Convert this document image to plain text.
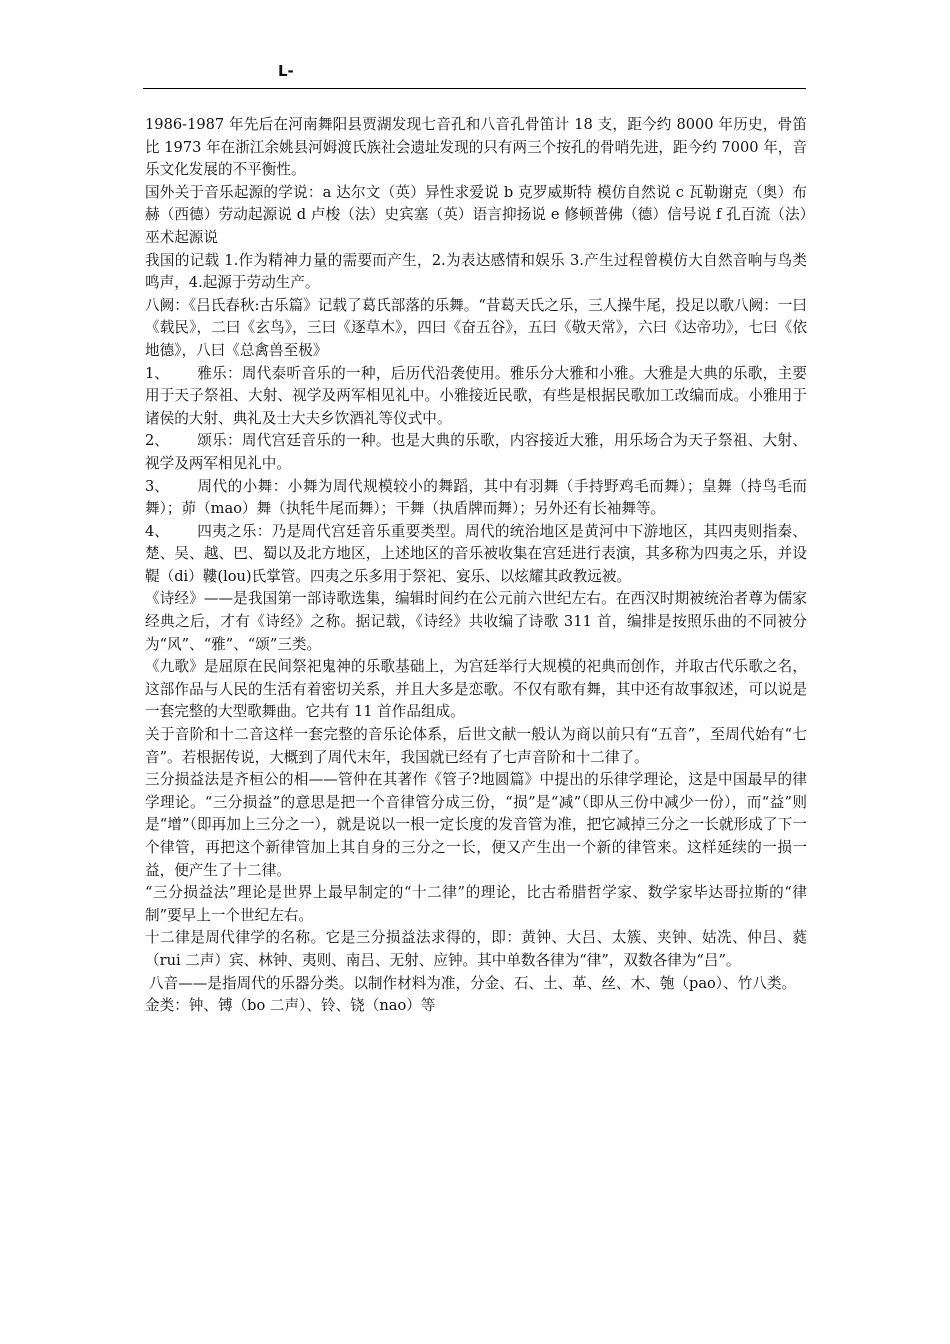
L-

1986-1987 年先后在河南舞阳县贾湖发现七音孔和八音孔骨笛计 18 支，距今约 8000 年历史，骨笛比 1973 年在浙江余姚县河姆渡氏族社会遗址发现的只有两三个按孔的骨哨先进，距今约 7000 年，音乐文化发展的不平衡性。

国外关于音乐起源的学说：a 达尔文（英）异性求爱说 b 克罗威斯特 模仿自然说 c 瓦勒谢克（奥）布赫（西德）劳动起源说 d 卢梭（法）史宾塞（英）语言抑扬说 e 修顿普佛（德）信号说 f 孔百流（法）巫术起源说

我国的记载 1.作为精神力量的需要而产生，2.为表达感情和娱乐 3.产生过程曾模仿大自然音响与鸟类鸣声，4.起源于劳动生产。

八阙：《吕氏春秋:古乐篇》记载了葛氏部落的乐舞。“昔葛天氏之乐，三人操牛尾，投足以歌八阙：一曰《载民》，二曰《玄鸟》，三曰《逐草木》，四曰《奋五谷》，五曰《敬天常》，六曰《达帝功》，七曰《依地德》，八曰《总禽兽至极》

1、 雅乐：周代泰听音乐的一种，后历代沿袭使用。雅乐分大雅和小雅。大雅是大典的乐歌，主要用于天子祭祖、大射、视学及两军相见礼中。小雅接近民歌，有些是根据民歌加工改编而成。小雅用于诸侯的大射、典礼及士大夫乡饮酒礼等仪式中。

2、 颂乐：周代宫廷音乐的一种。也是大典的乐歌，内容接近大雅，用乐场合为天子祭祖、大射、视学及两军相见礼中。

3、 周代的小舞：小舞为周代规模较小的舞蹈，其中有羽舞（手持野鸡毛而舞）；皇舞（持鸟毛而舞）；茆（mao）舞（执牦牛尾而舞）；干舞（执盾牌而舞）；另外还有长袖舞等。

4、 四夷之乐：乃是周代宫廷音乐重要类型。周代的统治地区是黄河中下游地区，其四夷则指秦、楚、吴、越、巴、蜀以及北方地区，上述地区的音乐被收集在宫廷进行表演，其多称为四夷之乐，并设鞮（di）鞻(lou)氏掌管。四夷之乐多用于祭祀、宴乐、以炫耀其政教远被。

《诗经》——是我国第一部诗歌选集，编辑时间约在公元前六世纪左右。在西汉时期被统治者尊为儒家经典之后，才有《诗经》之称。据记载，《诗经》共收编了诗歌 311 首，编排是按照乐曲的不同被分为“风”、“雅”、“颂”三类。

《九歌》是屈原在民间祭祀鬼神的乐歌基础上，为宫廷举行大规模的祀典而创作，并取古代乐歌之名，这部作品与人民的生活有着密切关系，并且大多是恋歌。不仅有歌有舞，其中还有故事叙述，可以说是一套完整的大型歌舞曲。它共有 11 首作品组成。

关于音阶和十二音这样一套完整的音乐论体系，后世文献一般认为商以前只有“五音”，至周代始有“七音”。若根据传说，大概到了周代末年，我国就已经有了七声音阶和十二律了。

三分损益法是齐桓公的相——管仲在其著作《管子?地圆篇》中提出的乐律学理论，这是中国最早的律学理论。“三分损益”的意思是把一个音律管分成三份，“损”是“减”（即从三份中减少一份），而“益”则是“增”（即再加上三分之一），就是说以一根一定长度的发音管为准，把它减掉三分之一长就形成了下一个律管，再把这个新律管加上其自身的三分之一长，便又产生出一个新的律管来。这样延续的一损一益，便产生了十二律。

“三分损益法”理论是世界上最早制定的“十二律”的理论，比古希腊哲学家、数学家毕达哥拉斯的“律制”要早上一个世纪左右。

十二律是周代律学的名称。它是三分损益法求得的，即：黄钟、大吕、太簇、夹钟、姑冼、仲吕、蕤（rui 二声）宾、林钟、夷则、南吕、无射、应钟。其中单数各律为“律”，双数各律为“吕”。

八音——是指周代的乐器分类。以制作材料为准，分金、石、土、革、丝、木、匏（pao）、竹八类。

金类：钟、镈（bo 二声）、铃、铙（nao）等
